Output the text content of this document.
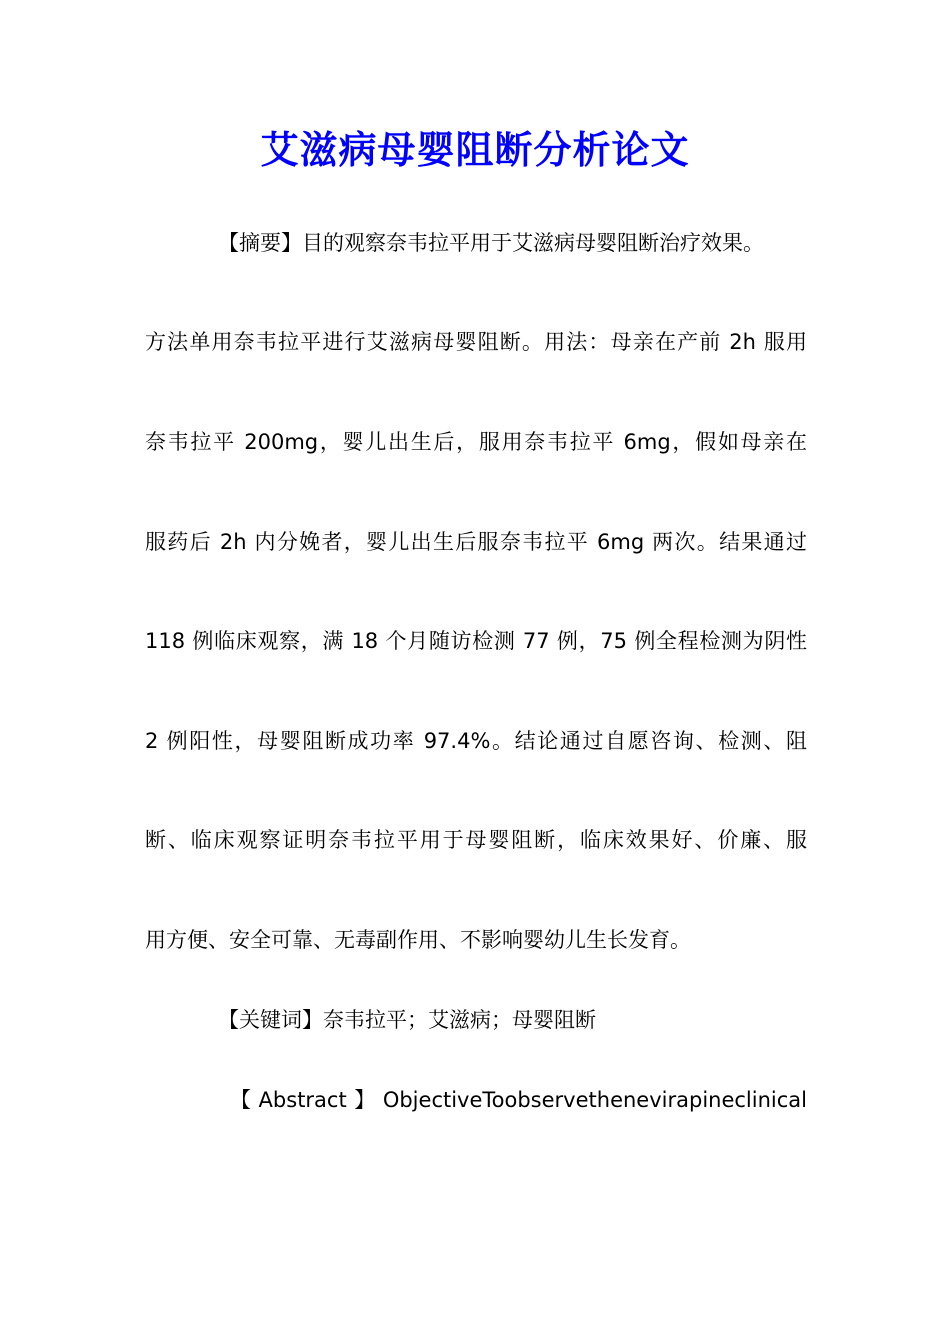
艾滋病母婴阻断分析论文
【摘要】目的观察奈韦拉平用于艾滋病母婴阻断治疗效果。
方法单用奈韦拉平进行艾滋病母婴阻断。用法：母亲在产前 2h 服用
奈韦拉平 200mg，婴儿出生后，服用奈韦拉平 6mg，假如母亲在
服药后 2h 内分娩者，婴儿出生后服奈韦拉平 6mg 两次。结果通过
118 例临床观察，满 18 个月随访检测 77 例，75 例全程检测为阴性
2 例阳性，母婴阻断成功率 97.4%。结论通过自愿咨询、检测、阻
断、临床观察证明奈韦拉平用于母婴阻断，临床效果好、价廉、服
用方便、安全可靠、无毒副作用、不影响婴幼儿生长发育。
【关键词】奈韦拉平；艾滋病；母婴阻断
【Abstract】ObjectiveToobservethenevirapineclinical
